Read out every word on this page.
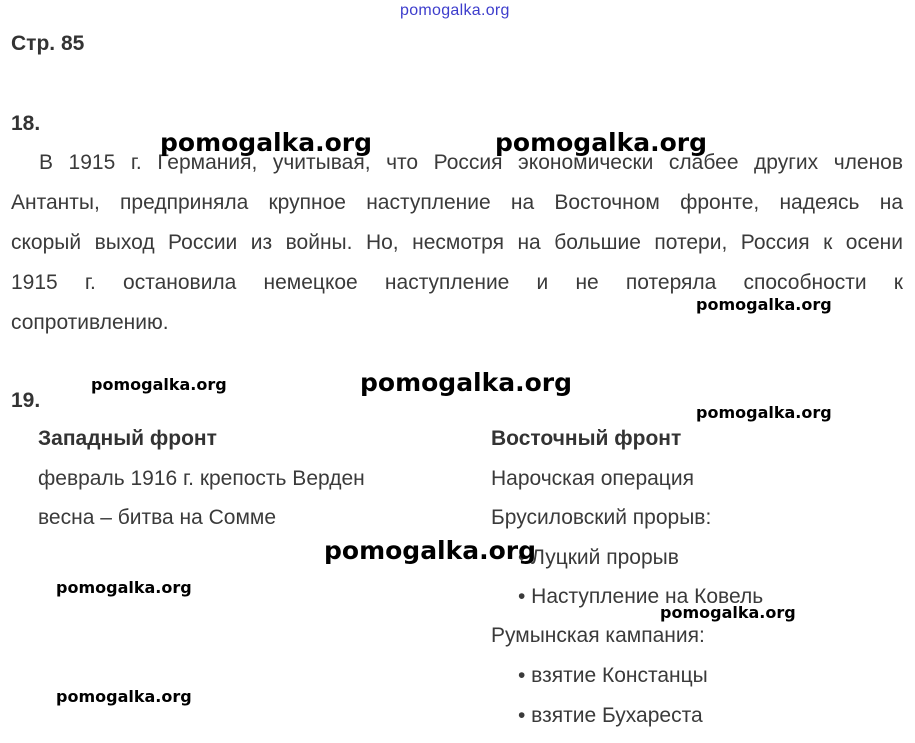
pomogalka.org
Стр. 85
18.
В 1915 г. Германия, учитывая, что Россия экономически слабее других членов
Антанты, предприняла крупное наступление на Восточном фронте, надеясь на
скорый выход России из войны. Но, несмотря на большие потери, Россия к осени
1915 г. остановила немецкое наступление и не потеряла способности к
сопротивлению.
19.
Западный фронт
февраль 1916 г. крепость Верден
весна – битва на Сомме
Восточный фронт
Нарочская операция
Брусиловский прорыв:
• Луцкий прорыв
• Наступление на Ковель
Румынская кампания:
• взятие Констанцы
• взятие Бухареста
pomogalka.org	pomogalka.org
pomogalka.org
pomogalka.org
pomogalka.org
pomogalka.org
pomogalka.org
pomogalka.org
pomogalka.org
pomogalka.org
